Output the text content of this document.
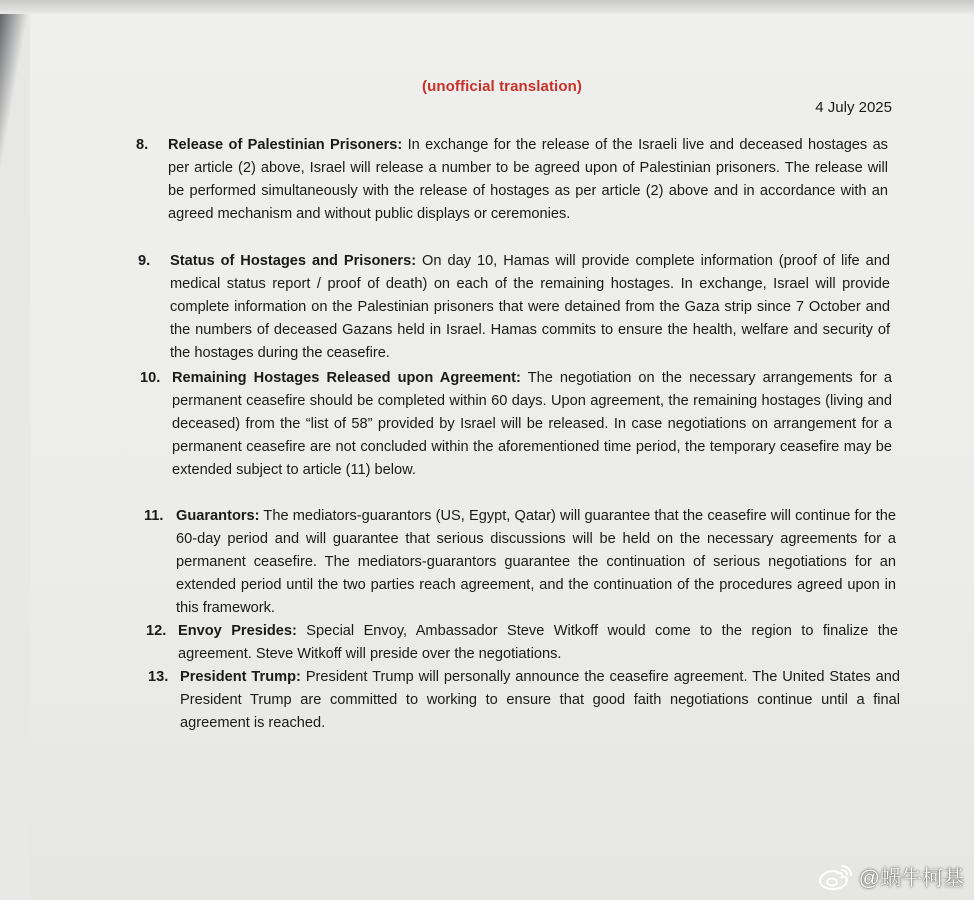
(unofficial translation)
4 July 2025
8.	Release of Palestinian Prisoners: In exchange for the release of the Israeli live and deceased hostages as per article (2) above, Israel will release a number to be agreed upon of Palestinian prisoners. The release will be performed simultaneously with the release of hostages as per article (2) above and in accordance with an agreed mechanism and without public displays or ceremonies.
9.	Status of Hostages and Prisoners: On day 10, Hamas will provide complete information (proof of life and medical status report / proof of death) on each of the remaining hostages. In exchange, Israel will provide complete information on the Palestinian prisoners that were detained from the Gaza strip since 7 October and the numbers of deceased Gazans held in Israel. Hamas commits to ensure the health, welfare and security of the hostages during the ceasefire.
10. Remaining Hostages Released upon Agreement: The negotiation on the necessary arrangements for a permanent ceasefire should be completed within 60 days. Upon agreement, the remaining hostages (living and deceased) from the “list of 58” provided by Israel will be released. In case negotiations on arrangement for a permanent ceasefire are not concluded within the aforementioned time period, the temporary ceasefire may be extended subject to article (11) below.
11. Guarantors: The mediators-guarantors (US, Egypt, Qatar) will guarantee that the ceasefire will continue for the 60-day period and will guarantee that serious discussions will be held on the necessary agreements for a permanent ceasefire. The mediators-guarantors guarantee the continuation of serious negotiations for an extended period until the two parties reach agreement, and the continuation of the procedures agreed upon in this framework.
12. Envoy Presides: Special Envoy, Ambassador Steve Witkoff would come to the region to finalize the agreement. Steve Witkoff will preside over the negotiations.
13. President Trump: President Trump will personally announce the ceasefire agreement. The United States and President Trump are committed to working to ensure that good faith negotiations continue until a final agreement is reached.
@蜗牛柯基
